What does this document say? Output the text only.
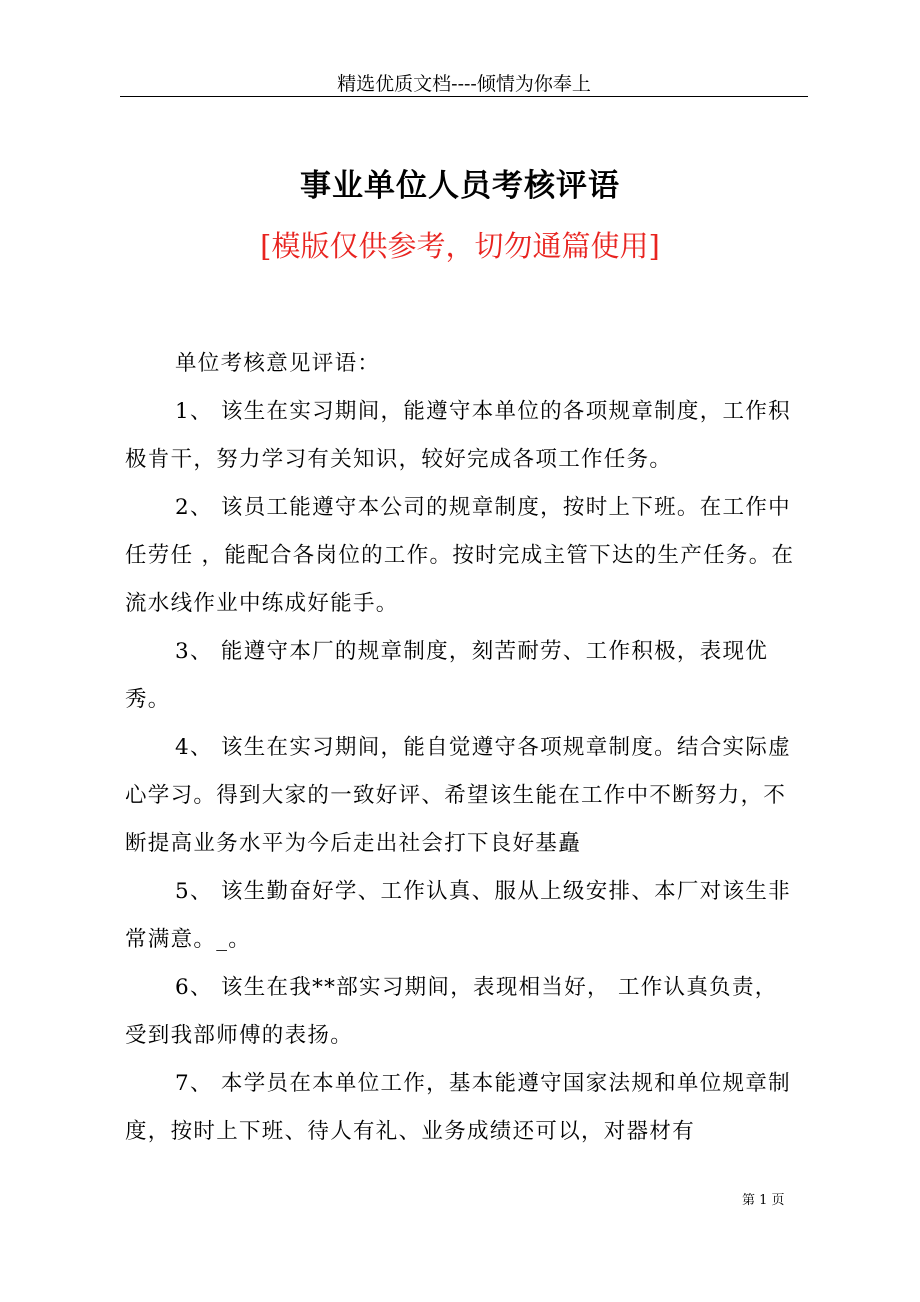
精选优质文档----倾情为你奉上
事业单位人员考核评语
[模版仅供参考，切勿通篇使用]

单位考核意见评语：

1、 该生在实习期间，能遵守本单位的各项规章制度，工作积极肯干，努力学习有关知识，较好完成各项工作任务。

2、 该员工能遵守本公司的规章制度，按时上下班。在工作中任劳任 ，能配合各岗位的工作。按时完成主管下达的生产任务。在流水线作业中练成好能手。

3、 能遵守本厂的规章制度，刻苦耐劳、工作积极，表现优秀。

4、 该生在实习期间，能自觉遵守各项规章制度。结合实际虚心学习。得到大家的一致好评、希望该生能在工作中不断努力，不断提高业务水平为今后走出社会打下良好基矗

5、 该生勤奋好学、工作认真、服从上级安排、本厂对该生非常满意。_。

6、 该生在我**部实习期间，表现相当好， 工作认真负责，受到我部师傅的表扬。

7、 本学员在本单位工作，基本能遵守国家法规和单位规章制度，按时上下班、待人有礼、业务成绩还可以，对器材有

第 1 页
